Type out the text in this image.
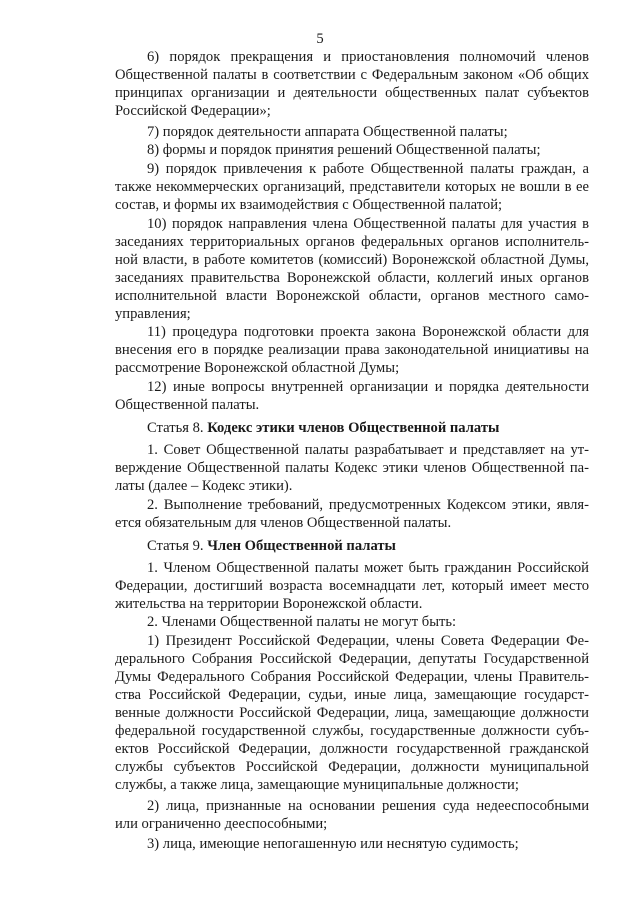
5
6) порядок прекращения и приостановления полномочий членов
Общественной палаты в соответствии с Федеральным законом «Об общих
принципах организации и деятельности общественных палат субъектов
Российской Федерации»;
7) порядок деятельности аппарата Общественной палаты;
8) формы и порядок принятия решений Общественной палаты;
9) порядок привлечения к работе Общественной палаты граждан, а
также некоммерческих организаций, представители которых не вошли в ее
состав, и формы их взаимодействия с Общественной палатой;
10) порядок направления члена Общественной палаты для участия в
заседаниях территориальных органов федеральных органов исполнитель-
ной власти, в работе комитетов (комиссий) Воронежской областной Думы,
заседаниях правительства Воронежской области, коллегий иных органов
исполнительной власти Воронежской области, органов местного само-
управления;
11) процедура подготовки проекта закона Воронежской области для
внесения его в порядке реализации права законодательной инициативы на
рассмотрение Воронежской областной Думы;
12) иные вопросы внутренней организации и порядка деятельности
Общественной палаты.
Статья 8. Кодекс этики членов Общественной палаты
1. Совет Общественной палаты разрабатывает и представляет на ут-
верждение Общественной палаты Кодекс этики членов Общественной па-
латы (далее – Кодекс этики).
2. Выполнение требований, предусмотренных Кодексом этики, явля-
ется обязательным для членов Общественной палаты.
Статья 9. Член Общественной палаты
1. Членом Общественной палаты может быть гражданин Российской
Федерации, достигший возраста восемнадцати лет, который имеет место
жительства на территории Воронежской области.
2. Членами Общественной палаты не могут быть:
1) Президент Российской Федерации, члены Совета Федерации Фе-
дерального Собрания Российской Федерации, депутаты Государственной
Думы Федерального Собрания Российской Федерации, члены Правитель-
ства Российской Федерации, судьи, иные лица, замещающие государст-
венные должности Российской Федерации, лица, замещающие должности
федеральной государственной службы, государственные должности субъ-
ектов Российской Федерации, должности государственной гражданской
службы субъектов Российской Федерации, должности муниципальной
службы, а также лица, замещающие муниципальные должности;
2) лица, признанные на основании решения суда недееспособными
или ограниченно дееспособными;
3) лица, имеющие непогашенную или неснятую судимость;
